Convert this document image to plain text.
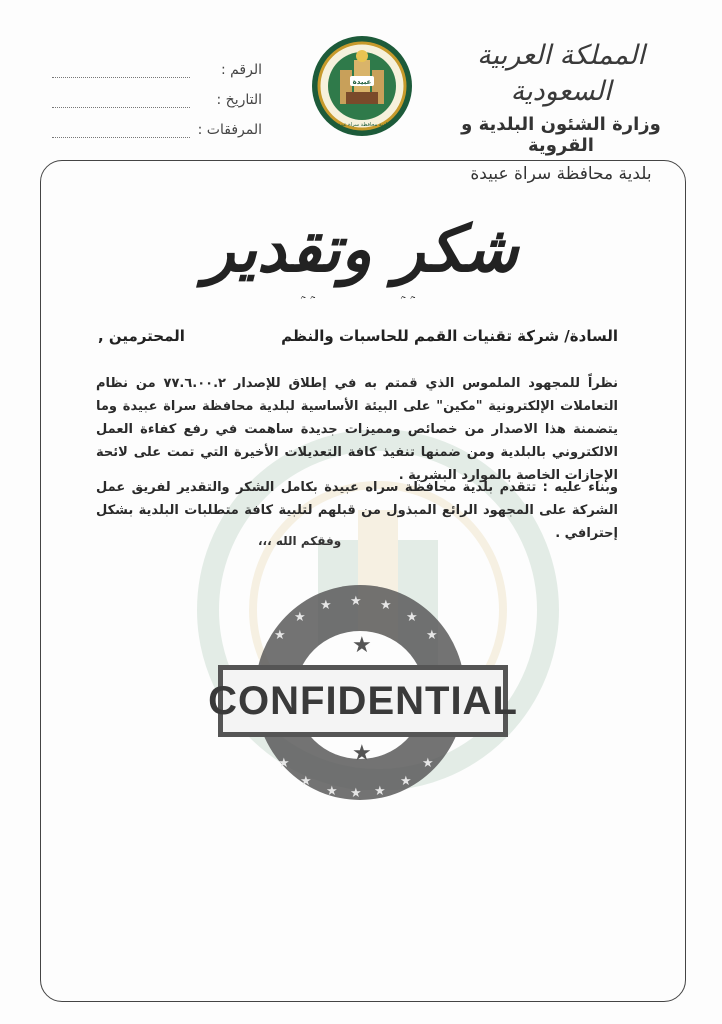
المملكة العربية السعودية
وزارة الشئون البلدية و القروية
بلدية محافظة سراة عبيدة
عبيدة
بلدية محافظة سراة عبيدة
الرقم :
التاريخ :
المرفقات :
شكر وتقدير
ﮧ ﮧ	ﮧ ﮧ
السادة/ شركة تقنيات القمم للحاسبات والنظم
المحترمين ,
نظراً للمجهود الملموس الذي قمتم به في إطلاق للإصدار ٧٧.٦.٠٠.٢ من نظام التعاملات الإلكترونية "مكين" على البيئة الأساسية لبلدية محافظة سراة عبيدة وما يتضمنة هذا الاصدار من خصائص ومميزات جديدة ساهمت في رفع كفاءة العمل الالكتروني بالبلدية ومن ضمنها تنفيذ كافة التعديلات الأخيرة التي تمت على لائحة الإجازات الخاصة بالموارد البشرية .
وبناء عليه : تتقدم بلدية محافظة سراه عبيدة بكامل الشكر والتقدير لفريق عمل الشركة على المجهود الرائع المبذول من قبلهم لتلبية كافة متطلبات البلدية بشكل إحترافي .
وفقكم الله ،،،
★
★	★
★	★
★	★
★	★
★	★
★	★
★
★
★
CONFIDENTIAL
